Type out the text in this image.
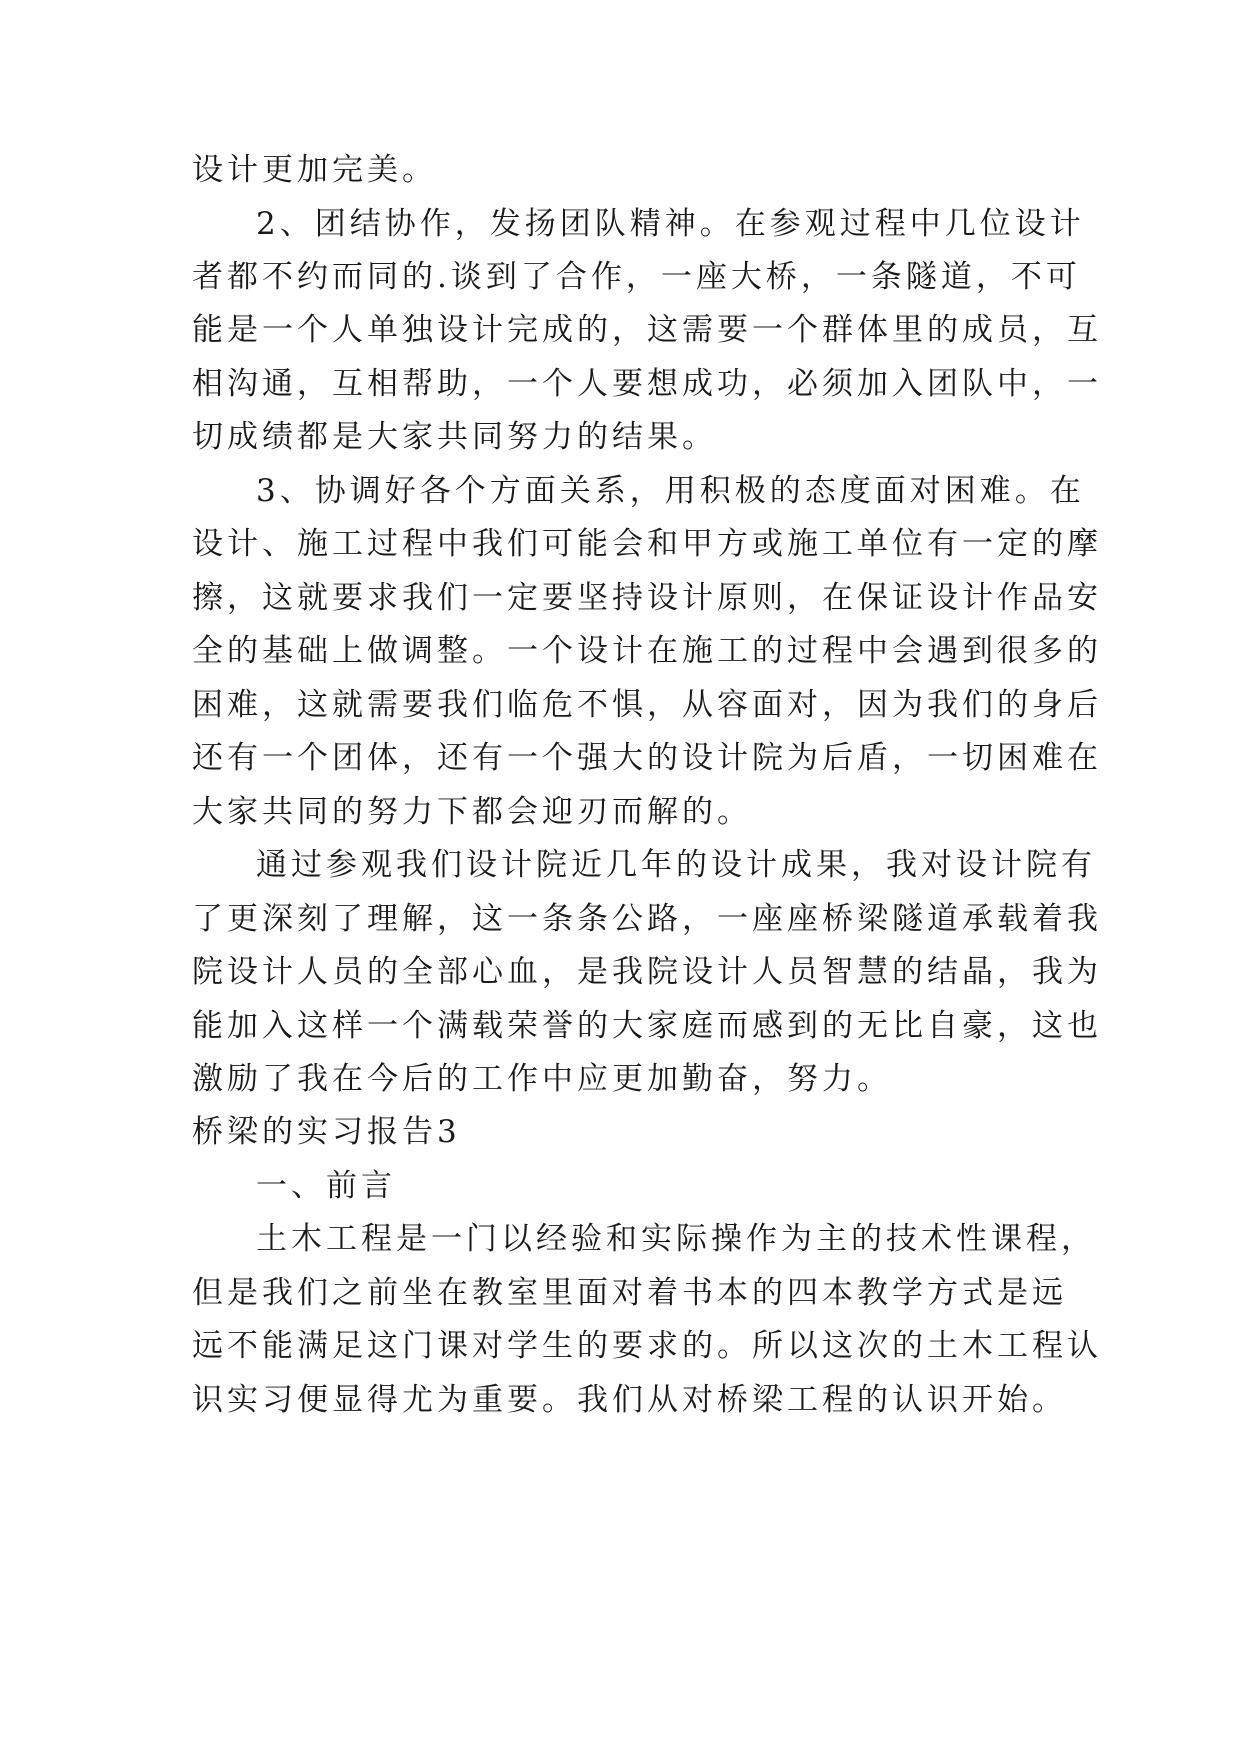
设计更加完美。
2、团结协作，发扬团队精神。在参观过程中几位设计
者都不约而同的.谈到了合作，一座大桥，一条隧道，不可
能是一个人单独设计完成的，这需要一个群体里的成员，互
相沟通，互相帮助，一个人要想成功，必须加入团队中，一
切成绩都是大家共同努力的结果。
3、协调好各个方面关系，用积极的态度面对困难。在
设计、施工过程中我们可能会和甲方或施工单位有一定的摩
擦，这就要求我们一定要坚持设计原则，在保证设计作品安
全的基础上做调整。一个设计在施工的过程中会遇到很多的
困难，这就需要我们临危不惧，从容面对，因为我们的身后
还有一个团体，还有一个强大的设计院为后盾，一切困难在
大家共同的努力下都会迎刃而解的。
通过参观我们设计院近几年的设计成果，我对设计院有
了更深刻了理解，这一条条公路，一座座桥梁隧道承载着我
院设计人员的全部心血，是我院设计人员智慧的结晶，我为
能加入这样一个满载荣誉的大家庭而感到的无比自豪，这也
激励了我在今后的工作中应更加勤奋，努力。
桥梁的实习报告3
一、前言
土木工程是一门以经验和实际操作为主的技术性课程，
但是我们之前坐在教室里面对着书本的四本教学方式是远
远不能满足这门课对学生的要求的。所以这次的土木工程认
识实习便显得尤为重要。我们从对桥梁工程的认识开始。
